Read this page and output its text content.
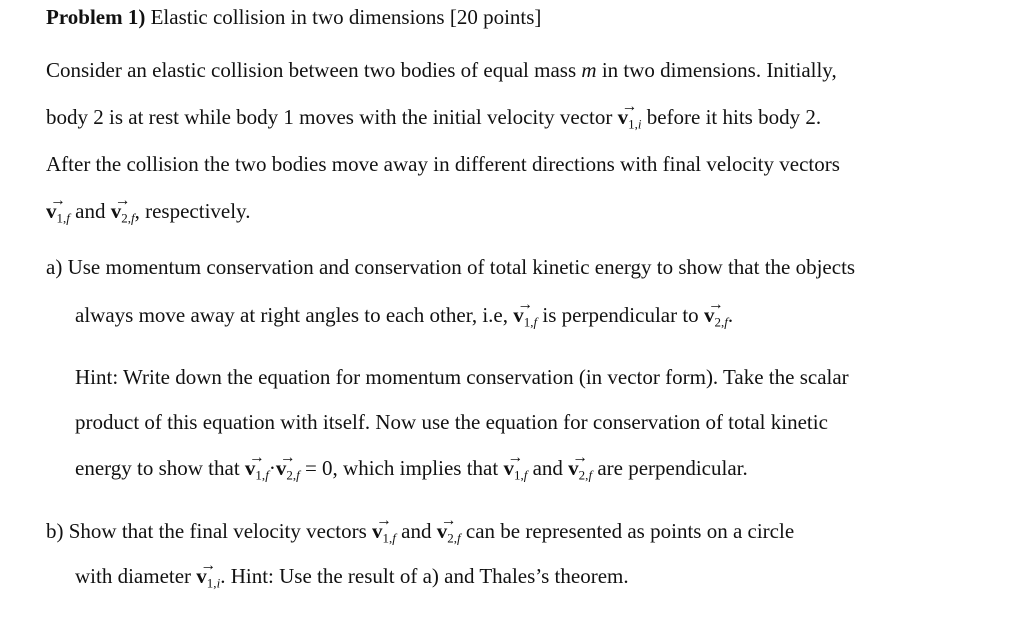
Problem 1) Elastic collision in two dimensions [20 points]
Consider an elastic collision between two bodies of equal mass m in two dimensions. Initially,
body 2 is at rest while body 1 moves with the initial velocity vector →
$v_{1,i}$ before it hits body 2.
After the collision the two bodies move away in different directions with final velocity vectors
→
$v_{1,f}$ and →
$v_{2,f}$, respectively.
a) Use momentum conservation and conservation of total kinetic energy to show that the objects
always move away at right angles to each other, i.e, →
$v_{1,f}$ is perpendicular to →
$v_{2,f}$.
Hint: Write down the equation for momentum conservation (in vector form). Take the scalar
product of this equation with itself. Now use the equation for conservation of total kinetic
energy to show that →
$v_{1,f}\cdot$ →
$v_{2,f} = 0$, which implies that →
$v_{1,f}$ and →
$v_{2,f}$ are perpendicular.
b) Show that the final velocity vectors →
$v_{1,f}$ and →
$v_{2,f}$ can be represented as points on a circle
with diameter →
$v_{1,i}$. Hint: Use the result of a) and Thales’s theorem.
